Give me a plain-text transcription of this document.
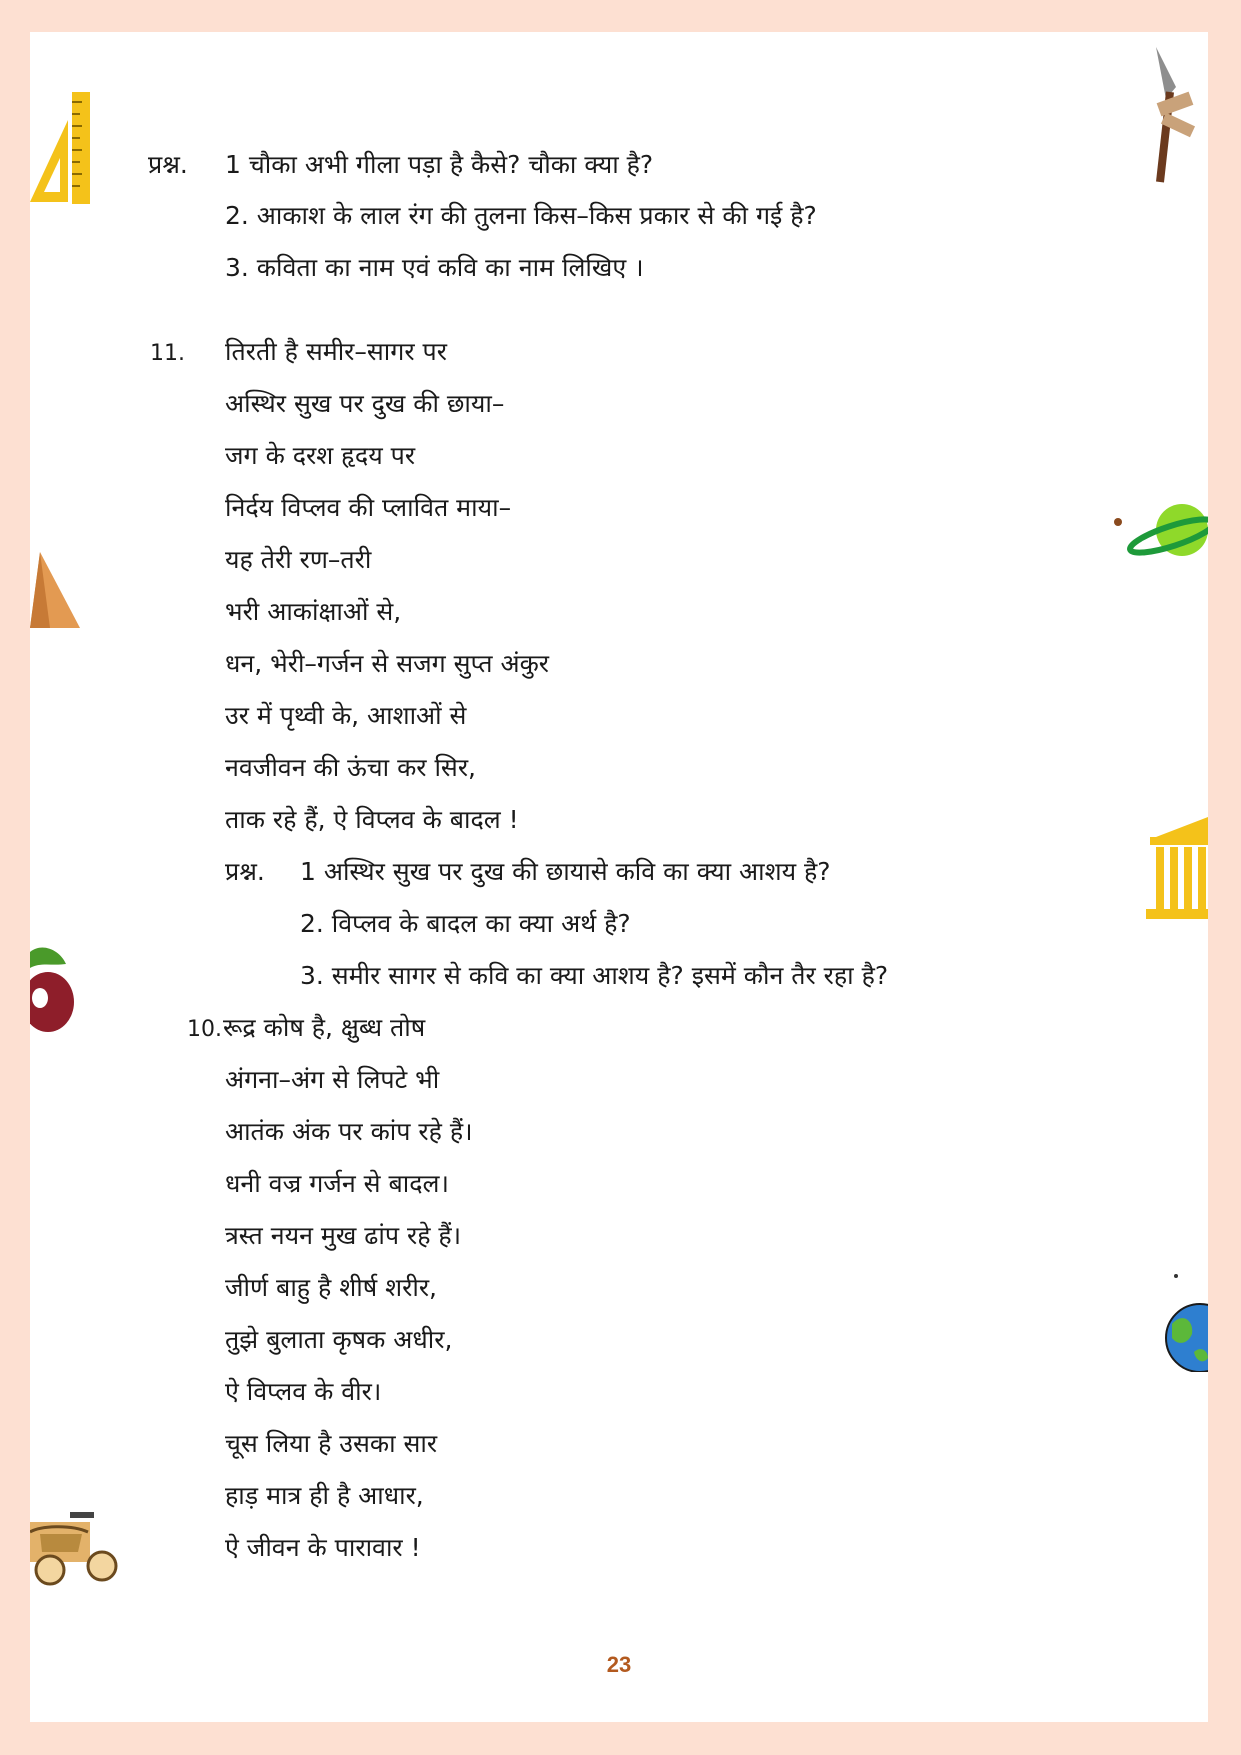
प्रश्न. 1 चौका अभी गीला पड़ा है कैसे? चौका क्या है?
2. आकाश के लाल रंग की तुलना किस–किस प्रकार से की गई है?
3. कविता का नाम एवं कवि का नाम लिखिए ।
11. तिरती है समीर–सागर पर
अस्थिर सुख पर दुख की छाया–
जग के दरश हृदय पर
निर्दय विप्लव की प्लावित माया–
यह तेरी रण–तरी
भरी आकांक्षाओं से,
धन, भेरी–गर्जन से सजग सुप्त अंकुर
उर में पृथ्वी के, आशाओं से
नवजीवन की ऊंचा कर सिर,
ताक रहे हैं, ऐ विप्लव के बादल !
प्रश्न. 1 अस्थिर सुख पर दुख की छायासे कवि का क्या आशय है?
2. विप्लव के बादल का क्या अर्थ है?
3. समीर सागर से कवि का क्या आशय है? इसमें कौन तैर रहा है?
10. रूद्र कोष है, क्षुब्ध तोष
अंगना–अंग से लिपटे भी
आतंक अंक पर कांप रहे हैं।
धनी वज्र गर्जन से बादल।
त्रस्त नयन मुख ढांप रहे हैं।
जीर्ण बाहु है शीर्ष शरीर,
तुझे बुलाता कृषक अधीर,
ऐ विप्लव के वीर।
चूस लिया है उसका सार
हाड़ मात्र ही है आधार,
ऐ जीवन के पारावार !
23
